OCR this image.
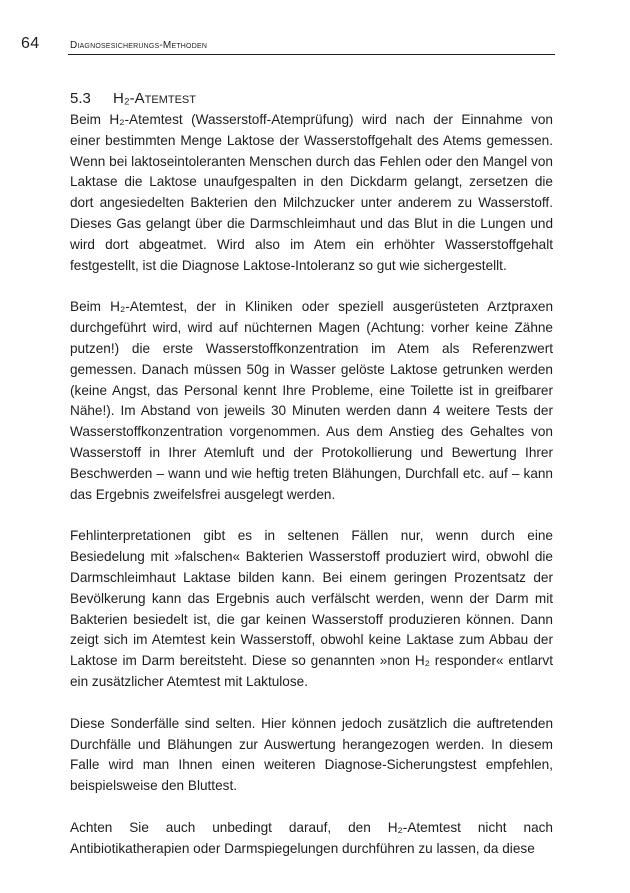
64	Diagnosesicherungs-Methoden
5.3 H₂-Atemtest

Beim H₂-Atemtest (Wasserstoff-Atemprüfung) wird nach der Einnahme von einer bestimmten Menge Laktose der Wasserstoffgehalt des Atems gemessen. Wenn bei laktoseintoleranten Menschen durch das Fehlen oder den Mangel von Laktase die Laktose unaufgespalten in den Dickdarm gelangt, zersetzen die dort angesiedelten Bakterien den Milchzucker unter anderem zu Wasserstoff. Dieses Gas gelangt über die Darmschleimhaut und das Blut in die Lungen und wird dort abgeatmet. Wird also im Atem ein erhöhter Wasserstoffgehalt festgestellt, ist die Diagnose Laktose-Intoleranz so gut wie sichergestellt.

Beim H₂-Atemtest, der in Kliniken oder speziell ausgerüsteten Arztpraxen durchgeführt wird, wird auf nüchternen Magen (Achtung: vorher keine Zähne putzen!) die erste Wasserstoffkonzentration im Atem als Referenzwert gemessen. Danach müssen 50g in Wasser gelöste Laktose getrunken werden (keine Angst, das Personal kennt Ihre Probleme, eine Toilette ist in greifbarer Nähe!). Im Abstand von jeweils 30 Minuten werden dann 4 weitere Tests der Wasserstoffkonzentration vorgenommen. Aus dem Anstieg des Gehaltes von Wasserstoff in Ihrer Atemluft und der Protokollierung und Bewertung Ihrer Beschwerden – wann und wie heftig treten Blähungen, Durchfall etc. auf – kann das Ergebnis zweifelsfrei ausgelegt werden.

Fehlinterpretationen gibt es in seltenen Fällen nur, wenn durch eine Besiedelung mit »falschen« Bakterien Wasserstoff produziert wird, obwohl die Darmschleimhaut Laktase bilden kann. Bei einem geringen Prozentsatz der Bevölkerung kann das Ergebnis auch verfälscht werden, wenn der Darm mit Bakterien besiedelt ist, die gar keinen Wasserstoff produzieren können. Dann zeigt sich im Atemtest kein Wasserstoff, obwohl keine Laktase zum Abbau der Laktose im Darm bereitsteht. Diese so genannten »non H₂ responder« entlarvt ein zusätzlicher Atemtest mit Laktulose.

Diese Sonderfälle sind selten. Hier können jedoch zusätzlich die auftretenden Durchfälle und Blähungen zur Auswertung herangezogen werden. In diesem Falle wird man Ihnen einen weiteren Diagnose-Sicherungstest empfehlen, beispielsweise den Bluttest.

Achten Sie auch unbedingt darauf, den H₂-Atemtest nicht nach Antibiotikatherapien oder Darmspiegelungen durchführen zu lassen, da diese
